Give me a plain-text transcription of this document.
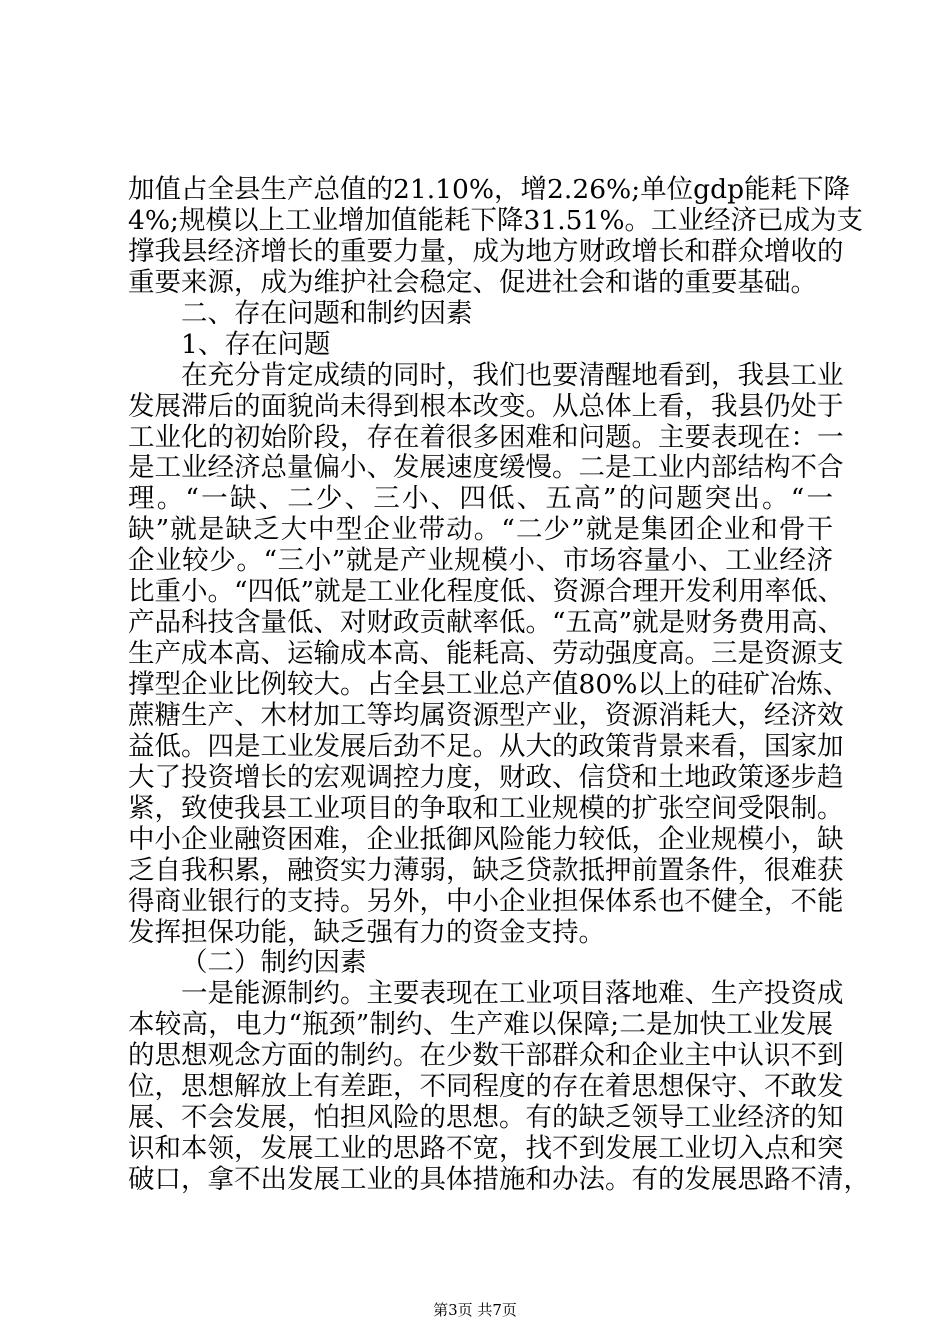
加值占全县生产总值的21.10%，增2.26%;单位gdp能耗下降
4%;规模以上工业增加值能耗下降31.51%。工业经济已成为支
撑我县经济增长的重要力量，成为地方财政增长和群众增收的
重要来源，成为维护社会稳定、促进社会和谐的重要基础。
二、存在问题和制约因素
1、存在问题
在充分肯定成绩的同时，我们也要清醒地看到，我县工业
发展滞后的面貌尚未得到根本改变。从总体上看，我县仍处于
工业化的初始阶段，存在着很多困难和问题。主要表现在：一
是工业经济总量偏小、发展速度缓慢。二是工业内部结构不合
理。“一缺、二少、三小、四低、五高”的问题突出。“一
缺”就是缺乏大中型企业带动。“二少”就是集团企业和骨干
企业较少。“三小”就是产业规模小、市场容量小、工业经济
比重小。“四低”就是工业化程度低、资源合理开发利用率低、
产品科技含量低、对财政贡献率低。“五高”就是财务费用高、
生产成本高、运输成本高、能耗高、劳动强度高。三是资源支
撑型企业比例较大。占全县工业总产值80%以上的硅矿冶炼、
蔗糖生产、木材加工等均属资源型产业，资源消耗大，经济效
益低。四是工业发展后劲不足。从大的政策背景来看，国家加
大了投资增长的宏观调控力度，财政、信贷和土地政策逐步趋
紧，致使我县工业项目的争取和工业规模的扩张空间受限制。
中小企业融资困难，企业抵御风险能力较低，企业规模小，缺
乏自我积累，融资实力薄弱，缺乏贷款抵押前置条件，很难获
得商业银行的支持。另外，中小企业担保体系也不健全，不能
发挥担保功能，缺乏强有力的资金支持。
（二）制约因素
一是能源制约。主要表现在工业项目落地难、生产投资成
本较高，电力“瓶颈”制约、生产难以保障;二是加快工业发展
的思想观念方面的制约。在少数干部群众和企业主中认识不到
位，思想解放上有差距，不同程度的存在着思想保守、不敢发
展、不会发展，怕担风险的思想。有的缺乏领导工业经济的知
识和本领，发展工业的思路不宽，找不到发展工业切入点和突
破口，拿不出发展工业的具体措施和办法。有的发展思路不清，
第3页 共7页
